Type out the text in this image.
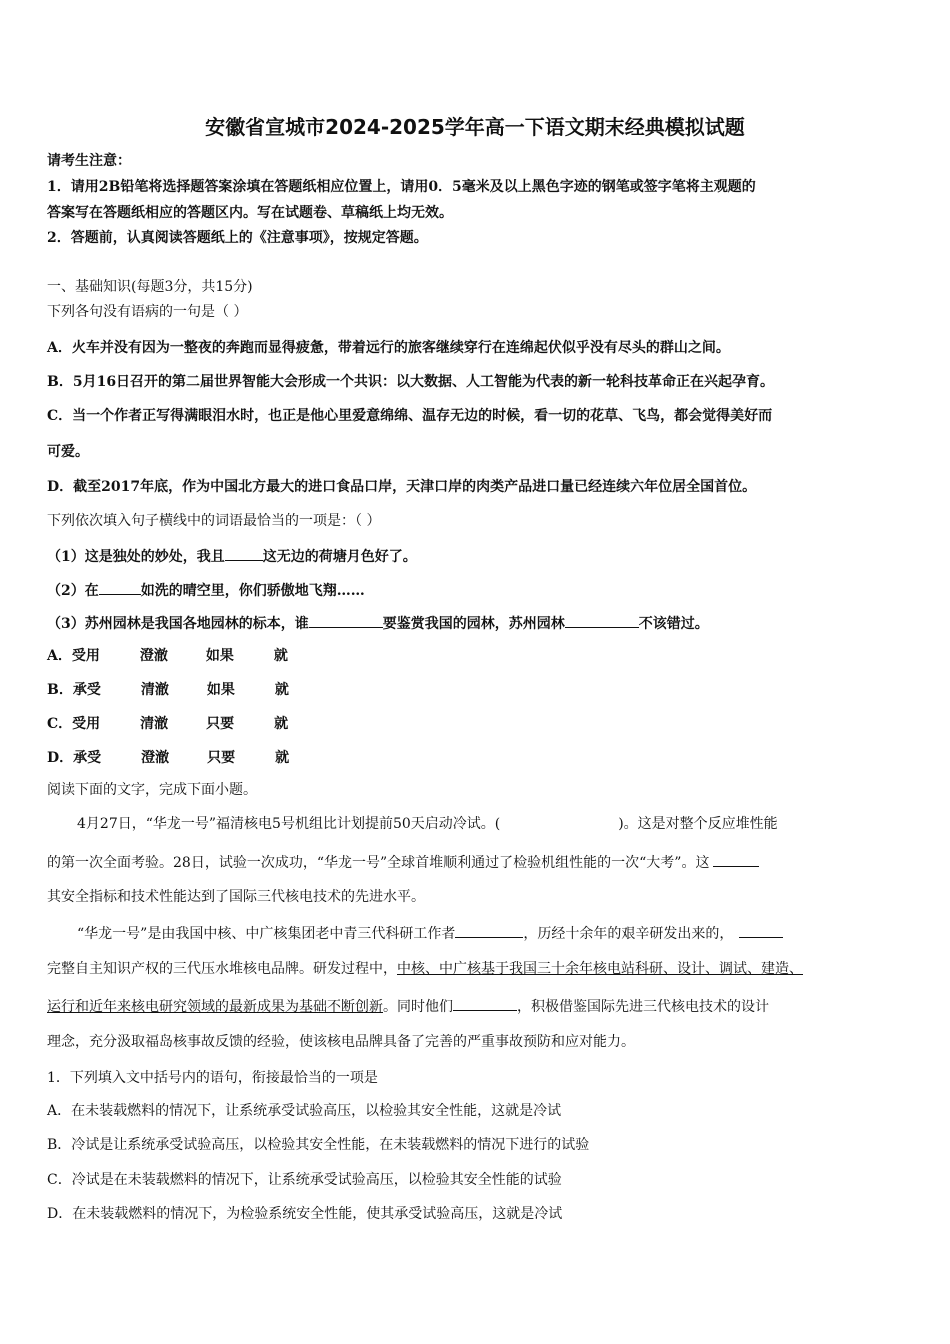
安徽省宣城市2024-2025学年高一下语文期末经典模拟试题
请考生注意：
1．请用2B铅笔将选择题答案涂填在答题纸相应位置上，请用0．5毫米及以上黑色字迹的钢笔或签字笔将主观题的
答案写在答题纸相应的答题区内。写在试题卷、草稿纸上均无效。
2．答题前，认真阅读答题纸上的《注意事项》，按规定答题。
一、基础知识(每题3分，共15分)
下列各句没有语病的一句是（ ）
A．火车并没有因为一整夜的奔跑而显得疲惫，带着远行的旅客继续穿行在连绵起伏似乎没有尽头的群山之间。
B．5月16日召开的第二届世界智能大会形成一个共识：以大数据、人工智能为代表的新一轮科技革命正在兴起孕育。
C．当一个作者正写得满眼泪水时，也正是他心里爱意绵绵、温存无边的时候，看一切的花草、飞鸟，都会觉得美好而
可爱。
D．截至2017年底，作为中国北方最大的进口食品口岸，天津口岸的肉类产品进口量已经连续六年位居全国首位。
下列依次填入句子横线中的词语最恰当的一项是：（ ）
（1）这是独处的妙处，我且	这无边的荷塘月色好了。
（2）在	如洗的晴空里，你们骄傲地飞翔……
（3）苏州园林是我国各地园林的标本，谁	要鉴赏我国的园林，苏州园林	不该错过。
A．受用	澄澈	如果	就
B．承受	清澈	如果	就
C．受用	清澈	只要	就
D．承受	澄澈	只要	就
阅读下面的文字，完成下面小题。
4月27日，“华龙一号”福清核电5号机组比计划提前50天启动冷试。(	)。这是对整个反应堆性能
的第一次全面考验。28日，试验一次成功，“华龙一号”全球首堆顺利通过了检验机组性能的一次“大考”。这
其安全指标和技术性能达到了国际三代核电技术的先进水平。
“华龙一号”是由我国中核、中广核集团老中青三代科研工作者	，历经十余年的艰辛研发出来的，
完整自主知识产权的三代压水堆核电品牌。研发过程中，中核、中广核基于我国三十余年核电站科研、设计、调试、建造、
运行和近年来核电研究领域的最新成果为基础不断创新。同时他们	，积极借鉴国际先进三代核电技术的设计
理念，充分汲取福岛核事故反馈的经验，使该核电品牌具备了完善的严重事故预防和应对能力。
1．下列填入文中括号内的语句，衔接最恰当的一项是
A．在未装载燃料的情况下，让系统承受试验高压，以检验其安全性能，这就是冷试
B．冷试是让系统承受试验高压，以检验其安全性能，在未装载燃料的情况下进行的试验
C．冷试是在未装载燃料的情况下，让系统承受试验高压，以检验其安全性能的试验
D．在未装载燃料的情况下，为检验系统安全性能，使其承受试验高压，这就是冷试
